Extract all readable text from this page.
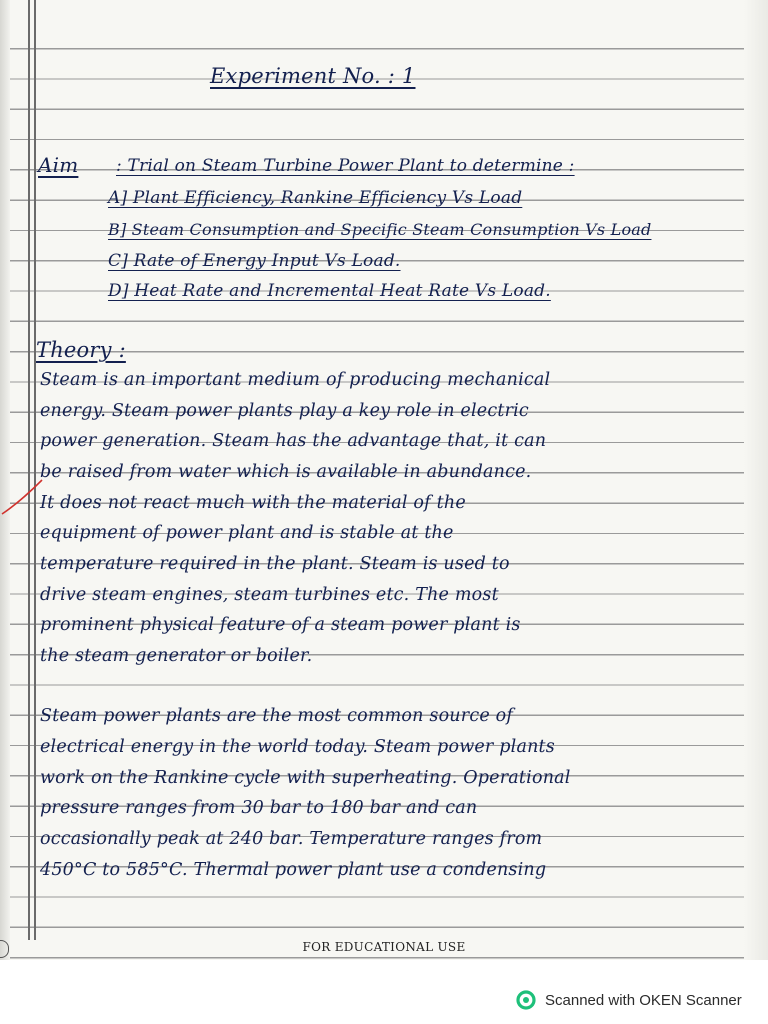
Experiment No. : 1

Aim : Trial on Steam Turbine Power Plant to determine :

A] Plant Efficiency, Rankine Efficiency Vs Load

B] Steam Consumption and Specific Steam Consumption Vs Load

C] Rate of Energy Input Vs Load.

D] Heat Rate and Incremental Heat Rate Vs Load.

Theory :

Steam is an important medium of producing mechanical

energy. Steam power plants play a key role in electric

power generation. Steam has the advantage that, it can

be raised from water which is available in abundance.

It does not react much with the material of the

equipment of power plant and is stable at the

temperature required in the plant. Steam is used to

drive steam engines, steam turbines etc. The most

prominent physical feature of a steam power plant is

the steam generator or boiler.

Steam power plants are the most common source of

electrical energy in the world today. Steam power plants

work on the Rankine cycle with superheating. Operational

pressure ranges from 30 bar to 180 bar and can

occasionally peak at 240 bar. Temperature ranges from

450°C to 585°C. Thermal power plant use a condensing

FOR EDUCATIONAL USE
Scanned with OKEN Scanner
